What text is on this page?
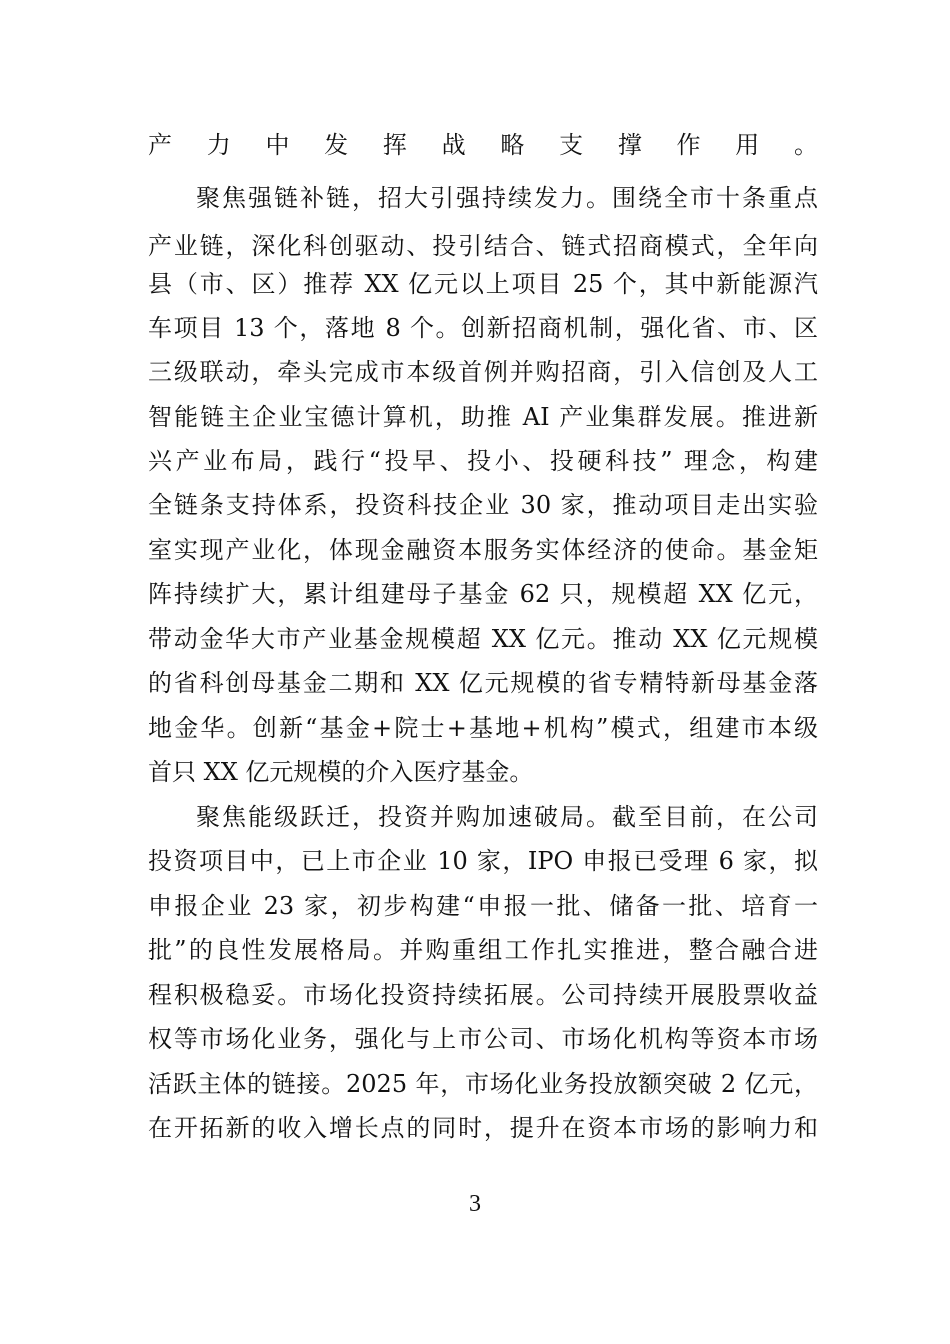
产力中发挥战略支撑作用。
聚焦强链补链，招大引强持续发力。围绕全市十条重点
产业链，深化科创驱动、投引结合、链式招商模式，全年向
县（市、区）推荐 XX 亿元以上项目 25 个，其中新能源汽
车项目 13 个，落地 8 个。创新招商机制，强化省、市、区
三级联动，牵头完成市本级首例并购招商，引入信创及人工
智能链主企业宝德计算机，助推 AI 产业集群发展。推进新
兴产业布局，践行“投早、投小、投硬科技” 理念，构建
全链条支持体系，投资科技企业 30 家，推动项目走出实验
室实现产业化，体现金融资本服务实体经济的使命。基金矩
阵持续扩大，累计组建母子基金 62 只，规模超 XX 亿元，
带动金华大市产业基金规模超 XX 亿元。推动 XX 亿元规模
的省科创母基金二期和 XX 亿元规模的省专精特新母基金落
地金华。创新“基金+院士+基地+机构”模式，组建市本级
首只 XX 亿元规模的介入医疗基金。
聚焦能级跃迁，投资并购加速破局。截至目前，在公司
投资项目中，已上市企业 10 家，IPO 申报已受理 6 家，拟
申报企业 23 家，初步构建“申报一批、储备一批、培育一
批”的良性发展格局。并购重组工作扎实推进，整合融合进
程积极稳妥。市场化投资持续拓展。公司持续开展股票收益
权等市场化业务，强化与上市公司、市场化机构等资本市场
活跃主体的链接。2025 年，市场化业务投放额突破 2 亿元，
在开拓新的收入增长点的同时，提升在资本市场的影响力和
3
